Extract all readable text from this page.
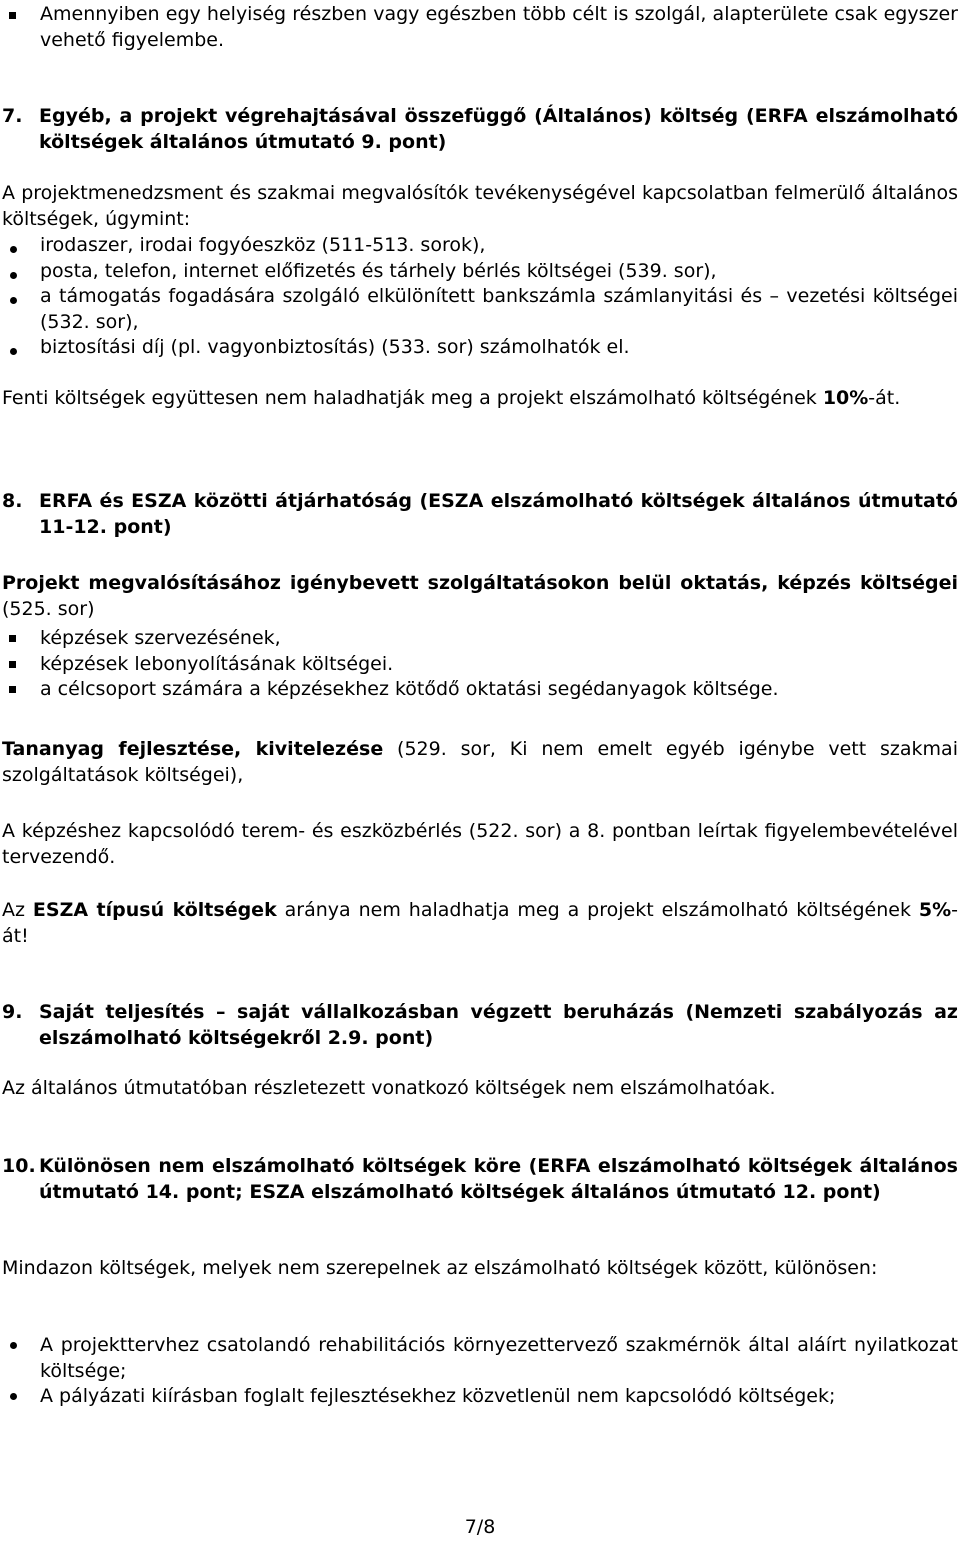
Amennyiben egy helyiség részben vagy egészben több célt is szolgál, alapterülete csak egyszer vehető figyelembe.

7. Egyéb, a projekt végrehajtásával összefüggő (Általános) költség (ERFA elszámolható költségek általános útmutató 9. pont)

A projektmenedzsment és szakmai megvalósítók tevékenységével kapcsolatban felmerülő általános költségek, úgymint:

irodaszer, irodai fogyóeszköz (511-513. sorok),

posta, telefon, internet előfizetés és tárhely bérlés költségei (539. sor),

a támogatás fogadására szolgáló elkülönített bankszámla számlanyitási és – vezetési költségei (532. sor),

biztosítási díj (pl. vagyonbiztosítás) (533. sor) számolhatók el.

Fenti költségek együttesen nem haladhatják meg a projekt elszámolható költségének 10%-át.

8. ERFA és ESZA közötti átjárhatóság (ESZA elszámolható költségek általános útmutató 11-12. pont)

Projekt megvalósításához igénybevett szolgáltatásokon belül oktatás, képzés költségei (525. sor)

képzések szervezésének,

képzések lebonyolításának költségei.

a célcsoport számára a képzésekhez kötődő oktatási segédanyagok költsége.

Tananyag fejlesztése, kivitelezése (529. sor, Ki nem emelt egyéb igénybe vett szakmai szolgáltatások költségei),

A képzéshez kapcsolódó terem- és eszközbérlés (522. sor) a 8. pontban leírtak figyelembevételével tervezendő.

Az ESZA típusú költségek aránya nem haladhatja meg a projekt elszámolható költségének 5%-át!

9. Saját teljesítés – saját vállalkozásban végzett beruházás (Nemzeti szabályozás az elszámolható költségekről 2.9. pont)

Az általános útmutatóban részletezett vonatkozó költségek nem elszámolhatóak.

10. Különösen nem elszámolható költségek köre (ERFA elszámolható költségek általános útmutató 14. pont; ESZA elszámolható költségek általános útmutató 12. pont)

Mindazon költségek, melyek nem szerepelnek az elszámolható költségek között, különösen:

A projekttervhez csatolandó rehabilitációs környezettervező szakmérnök által aláírt nyilatkozat költsége;

A pályázati kiírásban foglalt fejlesztésekhez közvetlenül nem kapcsolódó költségek;

7/8
